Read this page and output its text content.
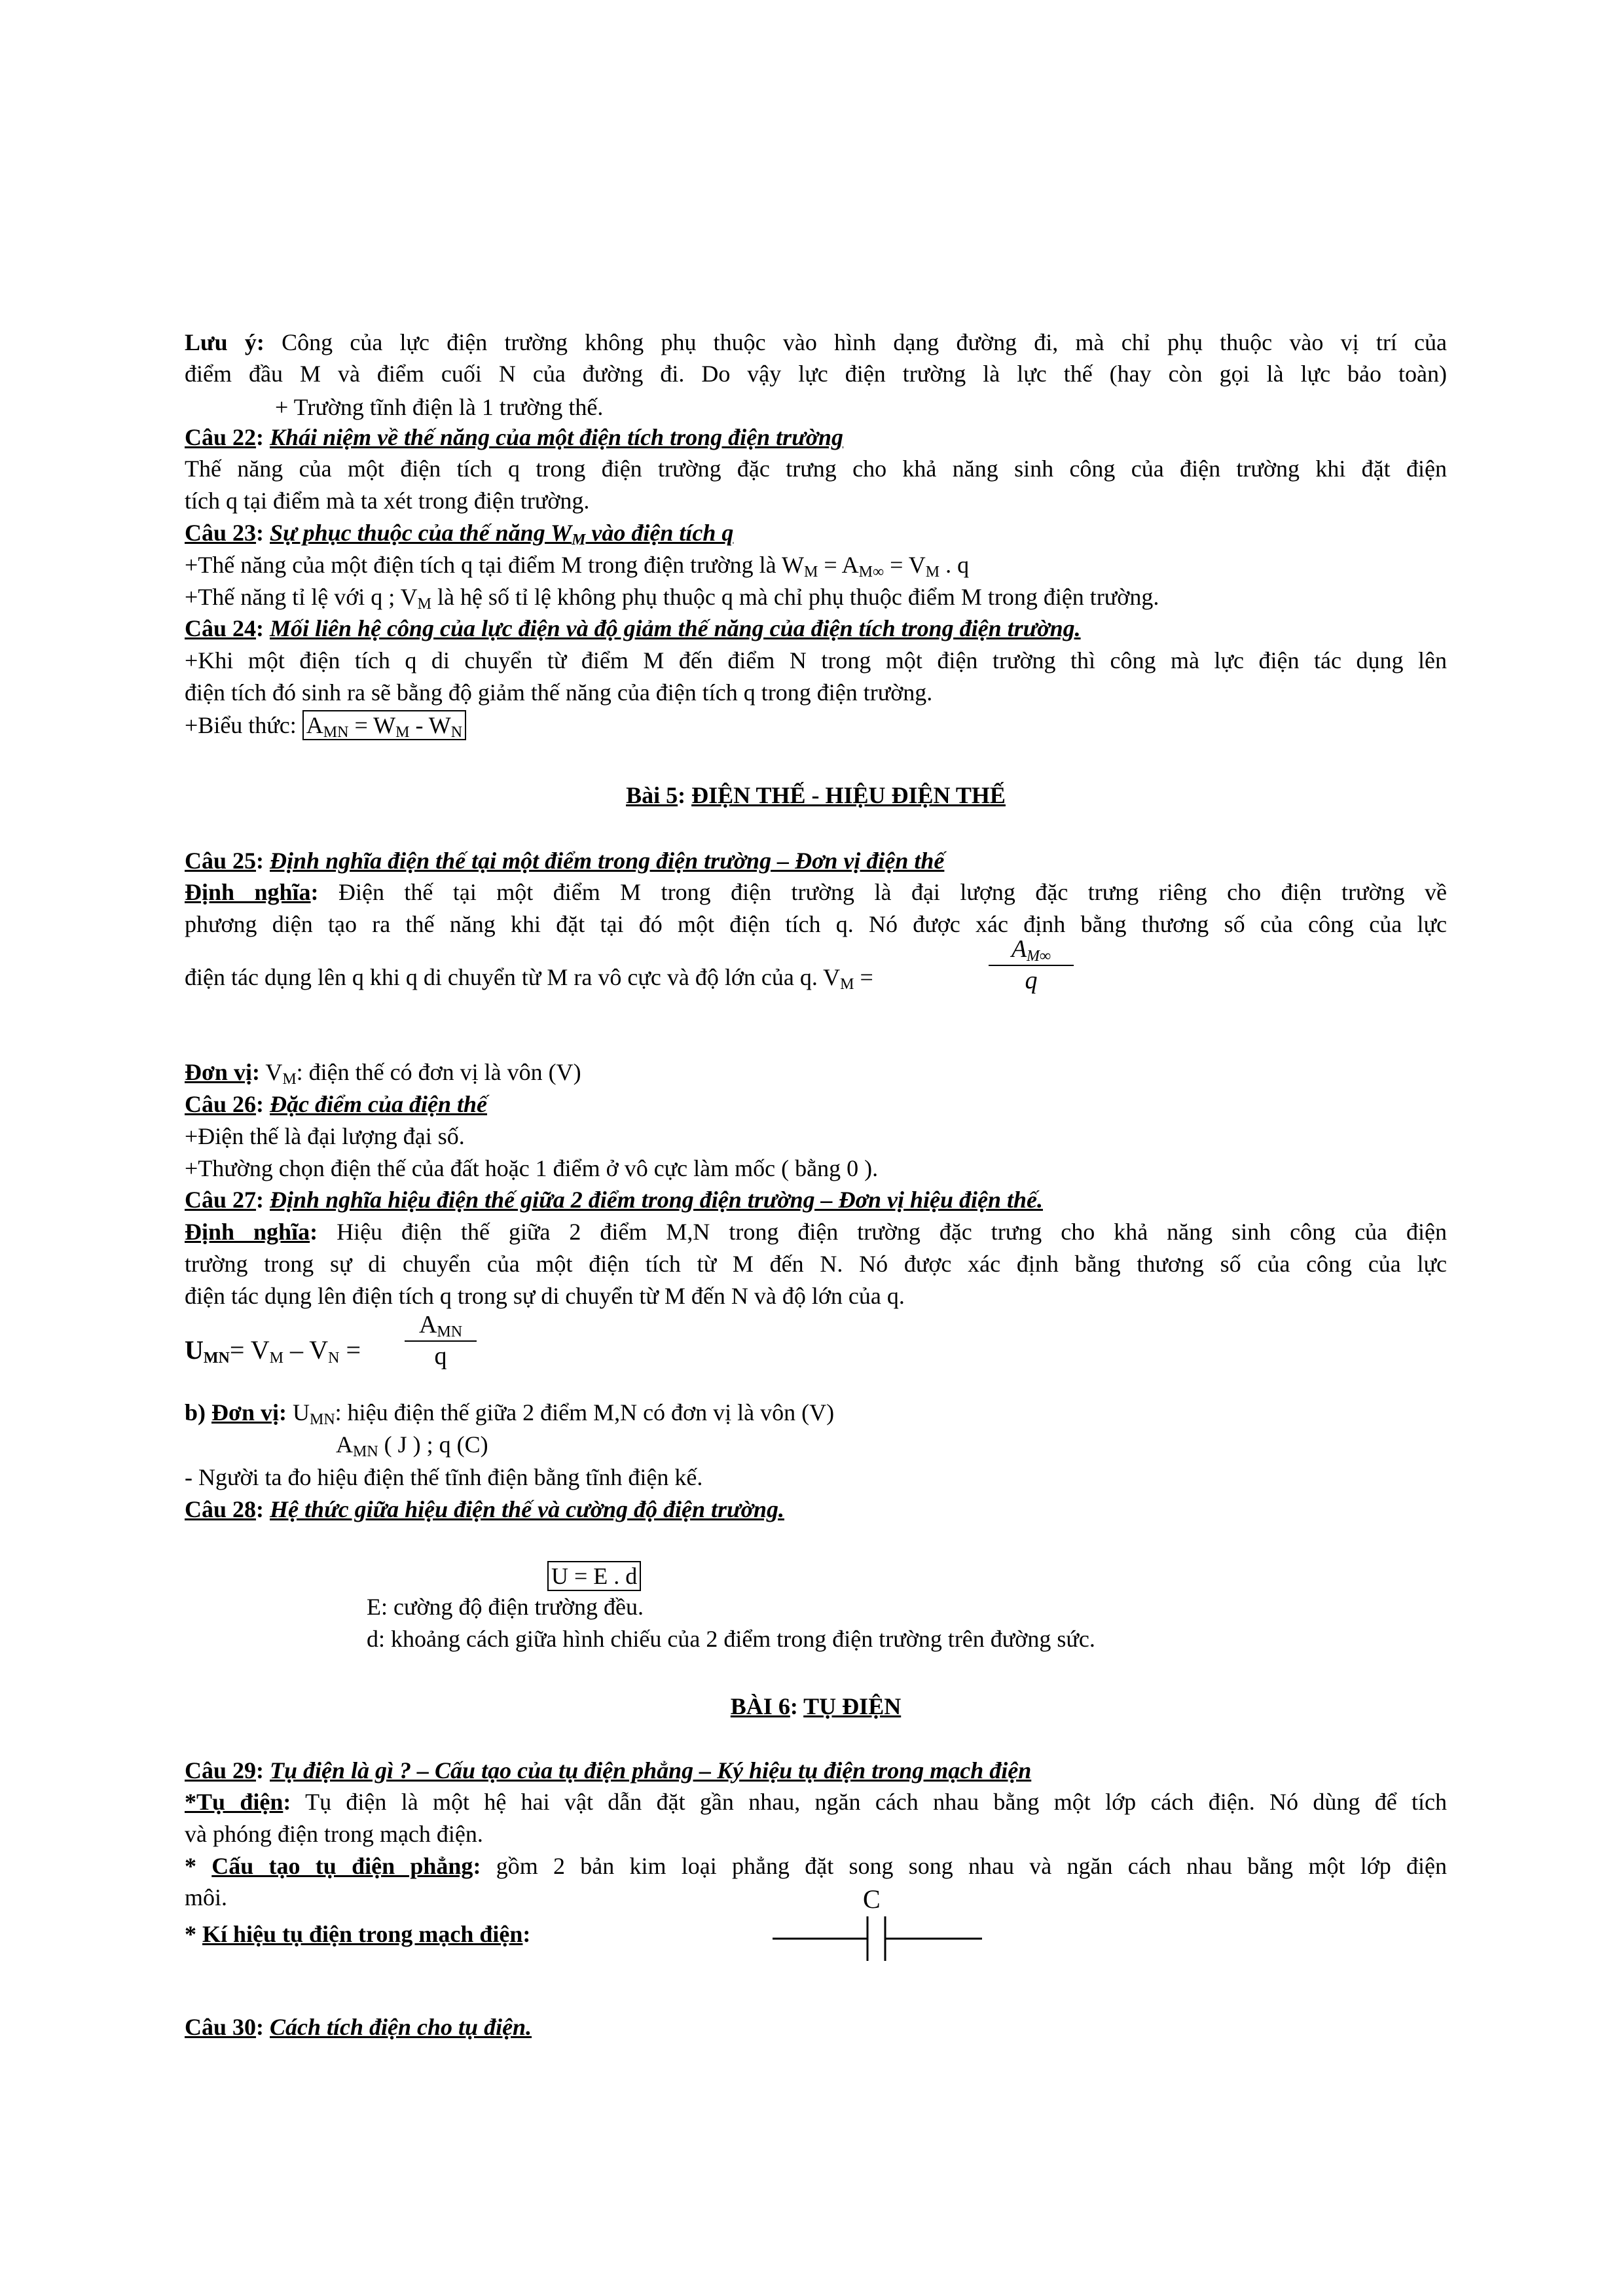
Lưu ý: Công của lực điện trường không phụ thuộc vào hình dạng đường đi, mà chỉ phụ thuộc vào vị trí của
điểm đầu M và điểm cuối N của đường đi. Do vậy lực điện trường là lực thế (hay còn gọi là lực bảo toàn)
+ Trường tĩnh điện là 1 trường thế.
Câu 22: Khái niệm về thế năng của một điện tích trong điện trường
Thế năng của một điện tích q trong điện trường đặc trưng cho khả năng sinh công của điện trường khi đặt điện
tích q tại điểm mà ta xét trong điện trường.
Câu 23: Sự phục thuộc của thế năng $W_M$ vào điện tích q
+Thế năng của một điện tích q tại điểm M trong điện trường là $W_M = A_{M\infty} = V_M$ . q
+Thế năng tỉ lệ với q ; $V_M$ là hệ số tỉ lệ không phụ thuộc q mà chỉ phụ thuộc điểm M trong điện trường.
Câu 24: Mối liên hệ công của lực điện và độ giảm thế năng của điện tích trong điện trường.
+Khi một điện tích q di chuyển từ điểm M đến điểm N trong một điện trường thì công mà lực điện tác dụng lên
điện tích đó sinh ra sẽ bằng độ giảm thế năng của điện tích q trong điện trường.
+Biểu thức: $A_{MN} = W_M - W_N$
Bài 5: ĐIỆN THẾ - HIỆU ĐIỆN THẾ
Câu 25: Định nghĩa điện thế tại một điểm trong điện trường – Đơn vị điện thế
Định nghĩa: Điện thế tại một điểm M trong điện trường là đại lượng đặc trưng riêng cho điện trường về
phương diện tạo ra thế năng khi đặt tại đó một điện tích q. Nó được xác định bằng thương số của công của lực
điện tác dụng lên q khi q di chuyển từ M ra vô cực và độ lớn của q. $V_M$ =	$\frac{A_{M\infty}}{q}$
Đơn vị: $V_M$: điện thế có đơn vị là vôn (V)
Câu 26: Đặc điểm của điện thế
+Điện thế là đại lượng đại số.
+Thường chọn điện thế của đất hoặc 1 điểm ở vô cực làm mốc ( bằng 0 ).
Câu 27: Định nghĩa hiệu điện thế giữa 2 điểm trong điện trường – Đơn vị hiệu điện thế.
Định nghĩa: Hiệu điện thế giữa 2 điểm M,N trong điện trường đặc trưng cho khả năng sinh công của điện
trường trong sự di chuyển của một điện tích từ M đến N. Nó được xác định bằng thương số của công của lực
điện tác dụng lên điện tích q trong sự di chuyển từ M đến N và độ lớn của q.
$U_{MN}= V_M - V_N$ =
$A_{MN}$
q
b) Đơn vị: $U_{MN}$: hiệu điện thế giữa 2 điểm M,N có đơn vị là vôn (V)
$A_{MN}$ ( J ) ; q (C)
- Người ta đo hiệu điện thế tĩnh điện bằng tĩnh điện kế.
Câu 28: Hệ thức giữa hiệu điện thế và cường độ điện trường.
U = E . d
E: cường độ điện trường đều.
d: khoảng cách giữa hình chiếu của 2 điểm trong điện trường trên đường sức.
BÀI 6: TỤ ĐIỆN
Câu 29: Tụ điện là gì ? – Cấu tạo của tụ điện phẳng – Ký hiệu tụ điện trong mạch điện
*Tụ điện: Tụ điện là một hệ hai vật dẫn đặt gần nhau, ngăn cách nhau bằng một lớp cách điện. Nó dùng để tích
và phóng điện trong mạch điện.
* Cấu tạo tụ điện phẳng: gồm 2 bản kim loại phẳng đặt song song nhau và ngăn cách nhau bằng một lớp điện
môi.
* Kí hiệu tụ điện trong mạch điện:
C
Câu 30: Cách tích điện cho tụ điện.
